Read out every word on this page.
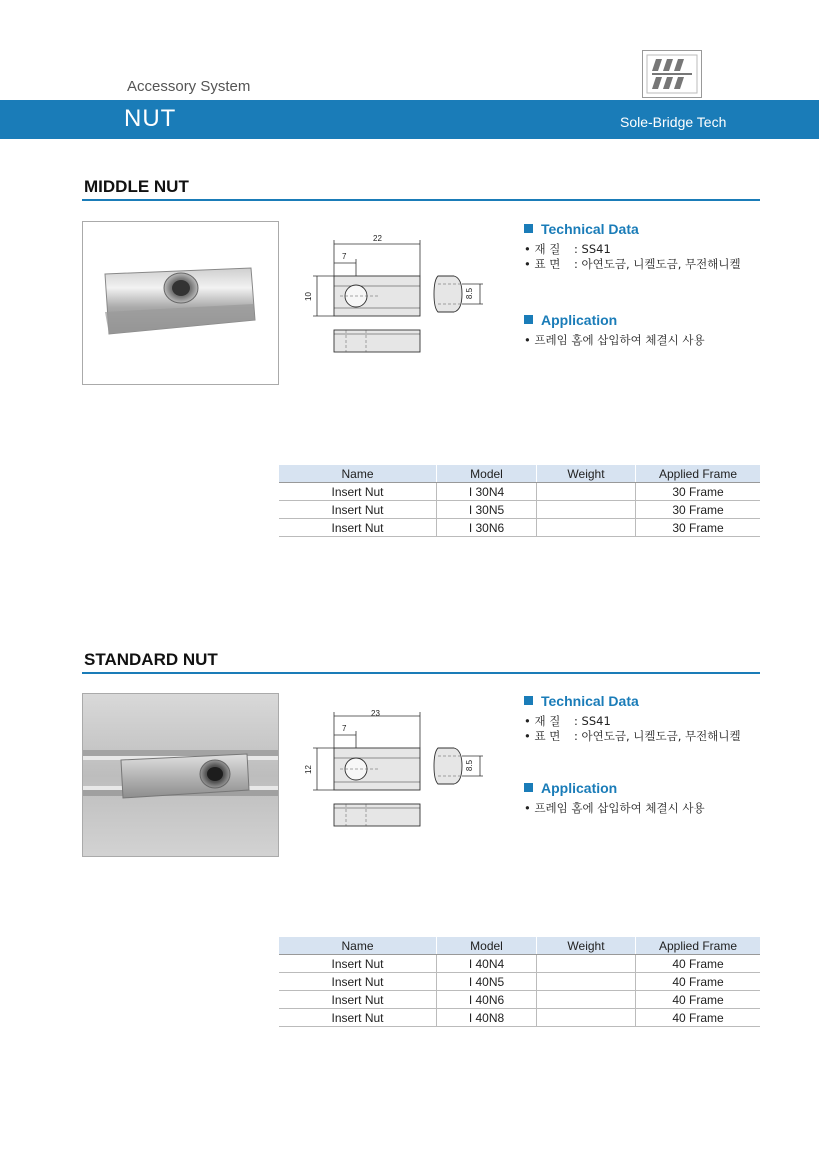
Accessory System
NUT	Sole-Bridge Tech
MIDDLE NUT
22
7
10	8.5
Technical Data
• 재 질 : SS41
• 표 면 : 아연도금, 니켈도금, 무전해니켈
Application
• 프레임 홈에 삽입하여 체결시 사용
Name	Model	Weight	Applied Frame
Insert Nut	I 30N4		30 Frame
Insert Nut	I 30N5		30 Frame
Insert Nut	I 30N6		30 Frame
STANDARD NUT
23
7
12	8.5
Technical Data
• 재 질 : SS41
• 표 면 : 아연도금, 니켈도금, 무전해니켈
Application
• 프레임 홈에 삽입하여 체결시 사용
Name	Model	Weight	Applied Frame
Insert Nut	I 40N4		40 Frame
Insert Nut	I 40N5		40 Frame
Insert Nut	I 40N6		40 Frame
Insert Nut	I 40N8		40 Frame
